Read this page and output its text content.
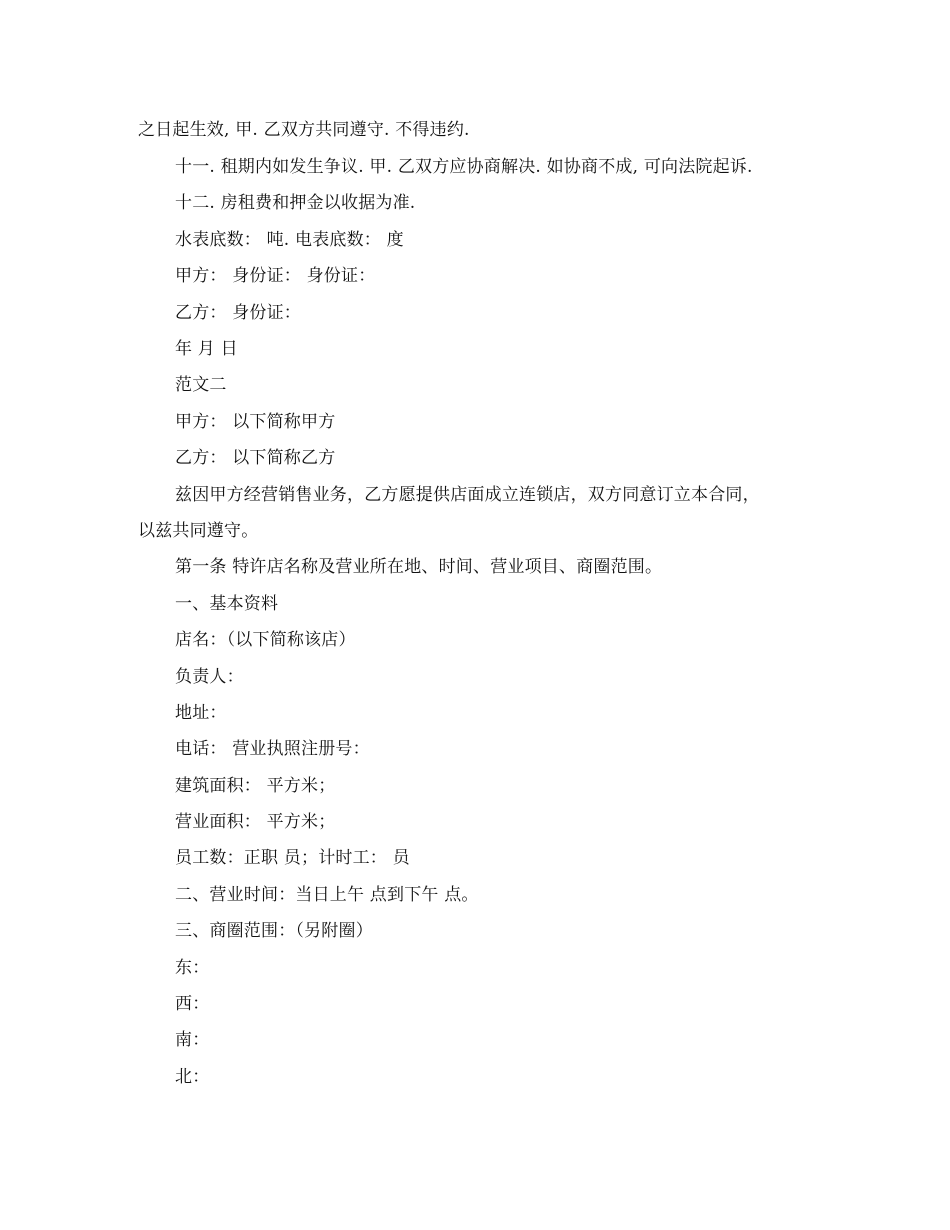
之日起生效, 甲. 乙双方共同遵守. 不得违约.
十一. 租期内如发生争议. 甲. 乙双方应协商解决. 如协商不成, 可向法院起诉.
十二. 房租费和押金以收据为准.
水表底数： 吨. 电表底数： 度
甲方： 身份证： 身份证：
乙方： 身份证：
年 月 日
范文二
甲方： 以下简称甲方
乙方： 以下简称乙方
兹因甲方经营销售业务，乙方愿提供店面成立连锁店，双方同意订立本合同，
以兹共同遵守。
第一条 特许店名称及营业所在地、时间、营业项目、商圈范围。
一、基本资料
店名：（以下简称该店）
负责人：
地址：
电话： 营业执照注册号：
建筑面积： 平方米；
营业面积： 平方米；
员工数：正职 员；计时工： 员
二、营业时间：当日上午 点到下午 点。
三、商圈范围：（另附圈）
东：
西：
南：
北：
